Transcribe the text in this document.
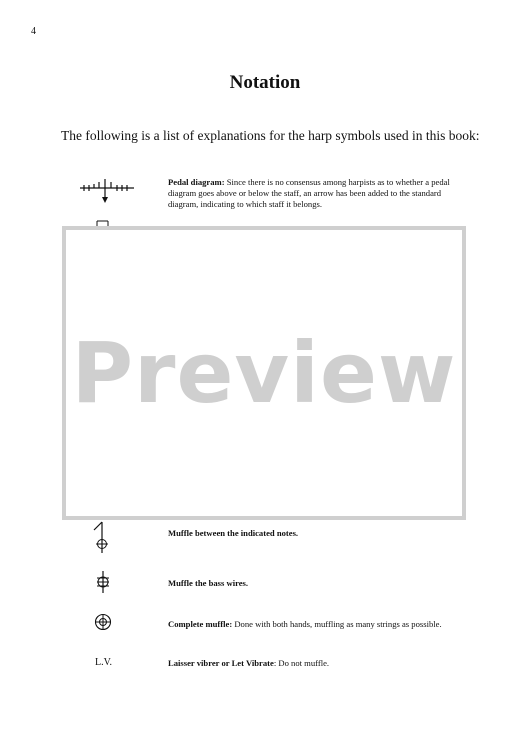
4
Notation
The following is a list of explanations for the harp symbols used in this book:
Pedal diagram: Since there is no consensus among harpists as to whether a pedal diagram goes above or below the staff, an arrow has been added to the standard diagram, indicating to which staff it belongs.
Preview
Muffle between the indicated notes.
Muffle the bass wires.
Complete muffle: Done with both hands, muffling as many strings as possible.
L.V.	Laisser vibrer or Let Vibrate: Do not muffle.
